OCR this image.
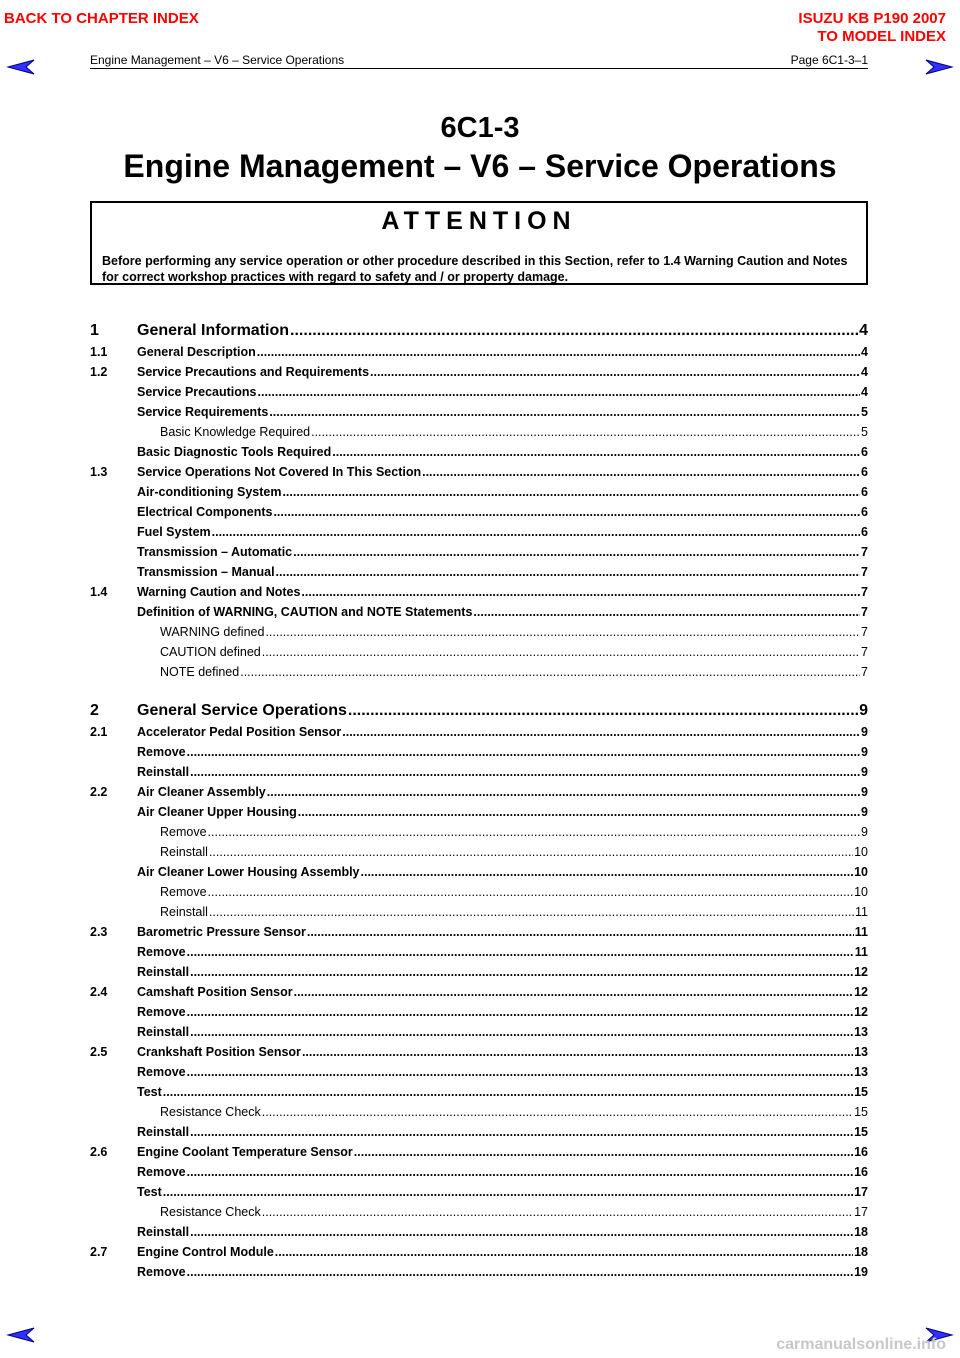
BACK TO CHAPTER INDEX	ISUZU KB P190 2007
TO MODEL INDEX
Engine Management – V6 – Service Operations	Page 6C1-3–1
6C1-3
Engine Management – V6 – Service Operations
ATTENTION
Before performing any service operation or other procedure described in this Section, refer to 1.4 Warning Caution and Notes for correct workshop practices with regard to safety and / or property damage.
1	General Information .....	4
1.1	General Description .....	4
1.2	Service Precautions and Requirements .....	4
Service Precautions .....	4
Service Requirements .....	5
Basic Knowledge Required .....	5
Basic Diagnostic Tools Required .....	6
1.3	Service Operations Not Covered In This Section .....	6
Air-conditioning System .....	6
Electrical Components .....	6
Fuel System .....	6
Transmission – Automatic .....	7
Transmission – Manual .....	7
1.4	Warning Caution and Notes .....	7
Definition of WARNING, CAUTION and NOTE Statements .....	7
WARNING defined .....	7
CAUTION defined .....	7
NOTE defined .....	7
2	General Service Operations .....	9
2.1	Accelerator Pedal Position Sensor .....	9
Remove .....	9
Reinstall .....	9
2.2	Air Cleaner Assembly .....	9
Air Cleaner Upper Housing .....	9
Remove .....	9
Reinstall .....	10
Air Cleaner Lower Housing Assembly .....	10
Remove .....	10
Reinstall .....	11
2.3	Barometric Pressure Sensor .....	11
Remove .....	11
Reinstall .....	12
2.4	Camshaft Position Sensor .....	12
Remove .....	12
Reinstall .....	13
2.5	Crankshaft Position Sensor .....	13
Remove .....	13
Test .....	15
Resistance Check .....	15
Reinstall .....	15
2.6	Engine Coolant Temperature Sensor .....	16
Remove .....	16
Test .....	17
Resistance Check .....	17
Reinstall .....	18
2.7	Engine Control Module .....	18
Remove .....	19
carmanualsonline.info
